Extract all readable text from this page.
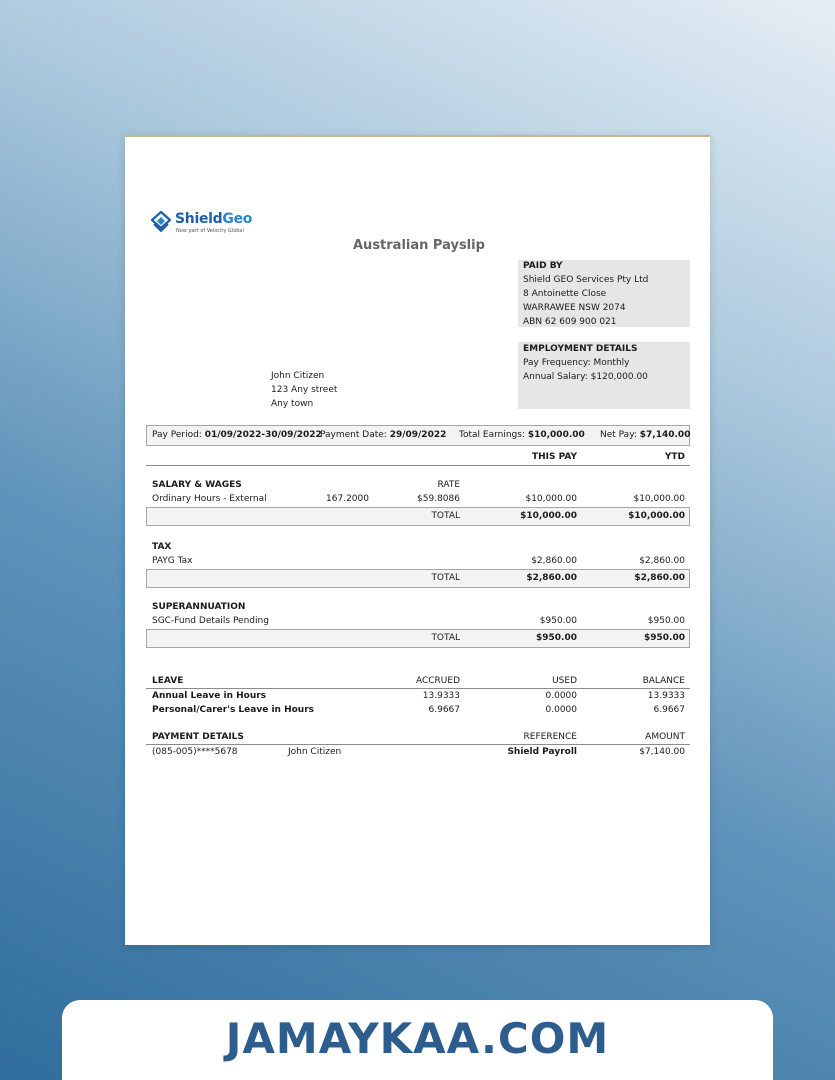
ShieldGeo
Now part of Velocity Global
Australian Payslip
PAID BY
Shield GEO Services Pty Ltd
8 Antoinette Close
WARRAWEE NSW 2074
ABN 62 609 900 021
EMPLOYMENT DETAILS
Pay Frequency: Monthly
Annual Salary: $120,000.00
John Citizen
123 Any street
Any town
Pay Period: 01/09/2022-30/09/2022
Payment Date: 29/09/2022 Total Earnings: $10,000.00 Net Pay: $7,140.00
THIS PAY	YTD
SALARY & WAGES	RATE
Ordinary Hours - External	167.2000	$59.8086	$10,000.00	$10,000.00
TOTAL	$10,000.00	$10,000.00
TAX
PAYG Tax	$2,860.00	$2,860.00
TOTAL	$2,860.00	$2,860.00
SUPERANNUATION
SGC-Fund Details Pending	$950.00	$950.00
TOTAL	$950.00	$950.00
LEAVE	ACCRUED	USED	BALANCE
Annual Leave in Hours	13.9333	0.0000	13.9333
Personal/Carer's Leave in Hours	6.9667	0.0000	6.9667
PAYMENT DETAILS	REFERENCE	AMOUNT
(085-005)****5678	John Citizen	Shield Payroll	$7,140.00
JAMAYKAA.COM
